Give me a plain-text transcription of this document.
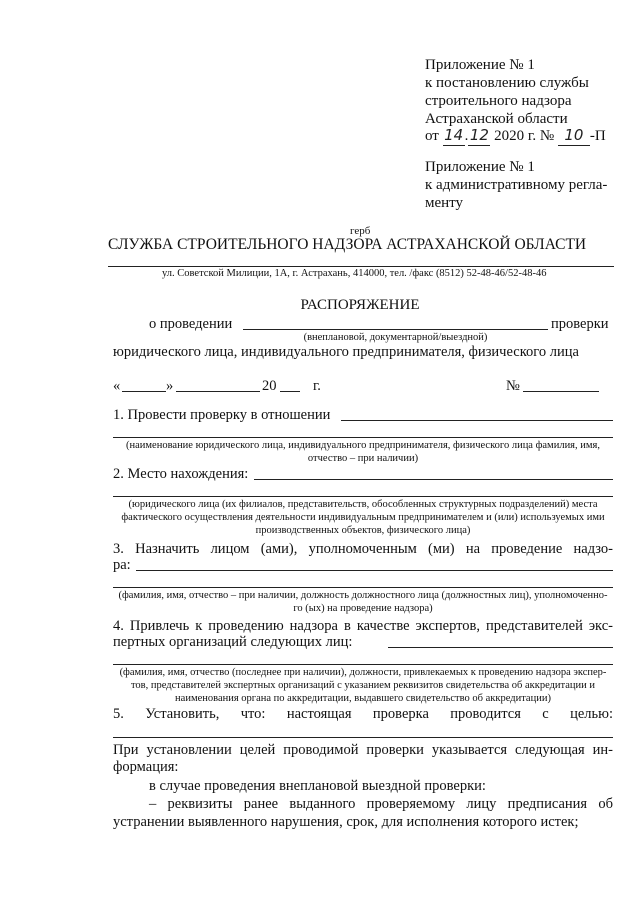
Приложение № 1
к постановлению службы
строительного надзора
Астраханской области
от 14.12 2020 г. № 10 -П
Приложение № 1
к административному регла-
менту
герб
СЛУЖБА СТРОИТЕЛЬНОГО НАДЗОРА АСТРАХАНСКОЙ ОБЛАСТИ
ул. Советской Милиции, 1А, г. Астрахань, 414000, тел. /факс (8512) 52-48-46/52-48-46
РАСПОРЯЖЕНИЕ
о проведении	проверки
(внеплановой, документарной/выездной)
юридического лица, индивидуального предпринимателя, физического лица
«	»	20	г.	№
1. Провести проверку в отношении
(наименование юридического лица, индивидуального предпринимателя, физического лица фамилия, имя,
отчество – при наличии)
2. Место нахождения:
(юридического лица (их филиалов, представительств, обособленных структурных подразделений) места
фактического осуществления деятельности индивидуальным предпринимателем и (или) используемых ими
производственных объектов, физического лица)
3. Назначить лицом (ами), уполномоченным (ми) на проведение надзо-
ра:
(фамилия, имя, отчество – при наличии, должность должностного лица (должностных лиц), уполномоченно-
го (ых) на проведение надзора)
4. Привлечь к проведению надзора в качестве экспертов, представителей экс-
пертных организаций следующих лиц:
(фамилия, имя, отчество (последнее при наличии), должности, привлекаемых к проведению надзора экспер-
тов, представителей экспертных организаций с указанием реквизитов свидетельства об аккредитации и
наименования органа по аккредитации, выдавшего свидетельство об аккредитации)
5. Установить, что: настоящая проверка проводится с целью:
При установлении целей проводимой проверки указывается следующая ин-
формация:
в случае проведения внеплановой выездной проверки:
– реквизиты ранее выданного проверяемому лицу предписания об
устранении выявленного нарушения, срок, для исполнения которого истек;
